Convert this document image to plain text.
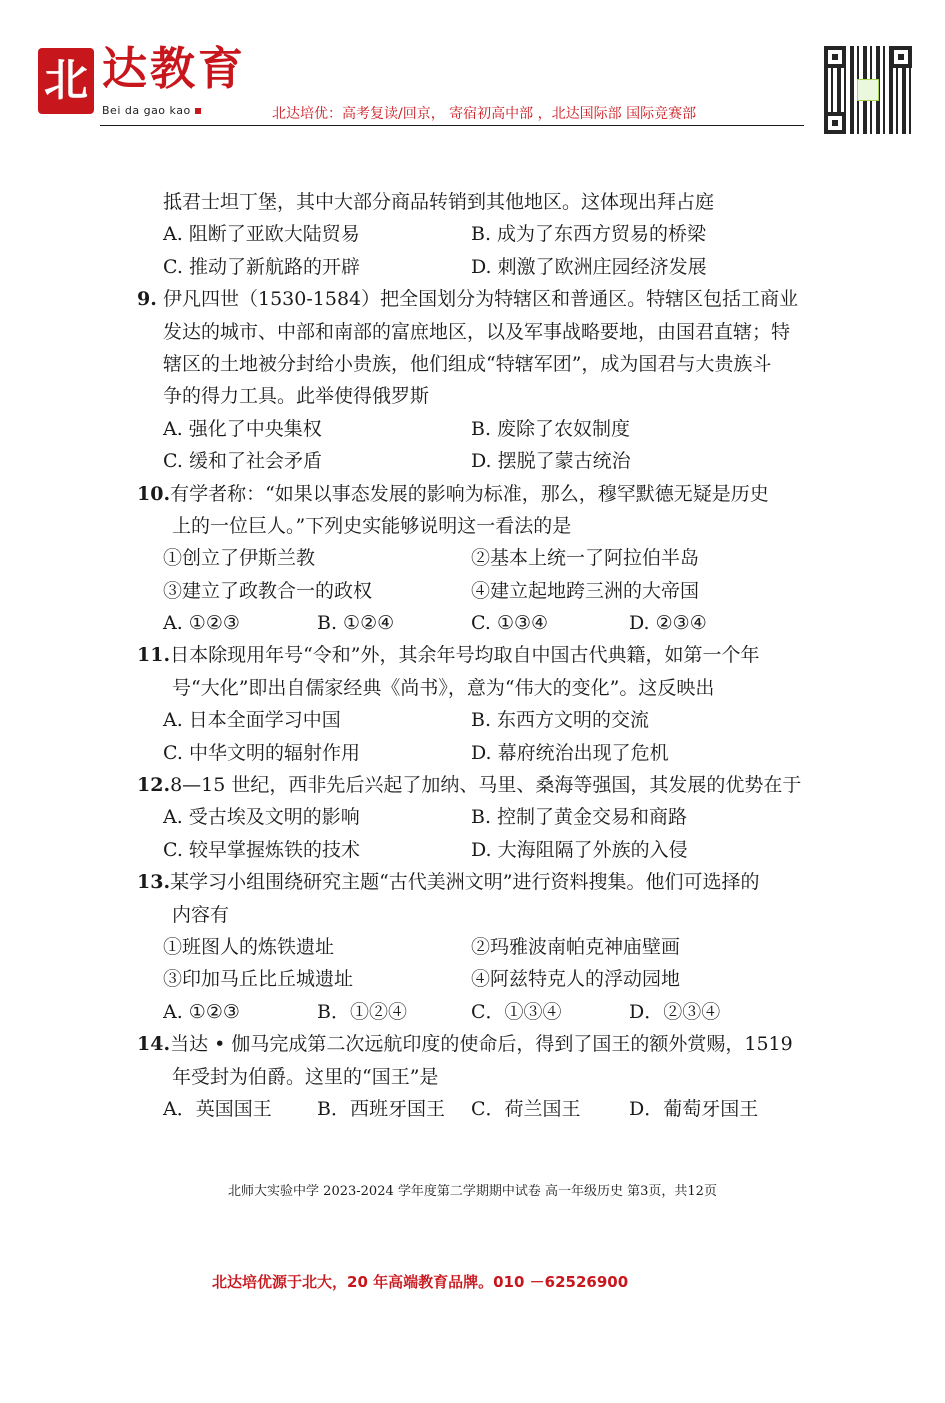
北 达教育
Bei da gao kao	北达培优：高考复读/回京， 寄宿初高中部 ，北达国际部 国际竞赛部
抵君士坦丁堡，其中大部分商品转销到其他地区。这体现出拜占庭
A. 阻断了亚欧大陆贸易	B. 成为了东西方贸易的桥梁
C. 推动了新航路的开辟	D. 刺激了欧洲庄园经济发展
9. 伊凡四世（1530-1584）把全国划分为特辖区和普通区。特辖区包括工商业
发达的城市、中部和南部的富庶地区，以及军事战略要地，由国君直辖；特
辖区的土地被分封给小贵族，他们组成“特辖军团”，成为国君与大贵族斗
争的得力工具。此举使得俄罗斯
A. 强化了中央集权	B. 废除了农奴制度
C. 缓和了社会矛盾	D. 摆脱了蒙古统治
10.有学者称：“如果以事态发展的影响为标准，那么，穆罕默德无疑是历史
上的一位巨人。”下列史实能够说明这一看法的是
①创立了伊斯兰教	②基本上统一了阿拉伯半岛
③建立了政教合一的政权	④建立起地跨三洲的大帝国
A. ①②③	B. ①②④	C. ①③④	D. ②③④
11.日本除现用年号“令和”外，其余年号均取自中国古代典籍，如第一个年
号“大化”即出自儒家经典《尚书》，意为“伟大的变化”。这反映出
A. 日本全面学习中国	B. 东西方文明的交流
C. 中华文明的辐射作用	D. 幕府统治出现了危机
12.8—15 世纪，西非先后兴起了加纳、马里、桑海等强国，其发展的优势在于
A. 受古埃及文明的影响	B. 控制了黄金交易和商路
C. 较早掌握炼铁的技术	D. 大海阻隔了外族的入侵
13.某学习小组围绕研究主题“古代美洲文明”进行资料搜集。他们可选择的
内容有
①班图人的炼铁遗址	②玛雅波南帕克神庙壁画
③印加马丘比丘城遗址	④阿兹特克人的浮动园地
A. ①②③	B．①②④	C．①③④	D．②③④
14.当达 • 伽马完成第二次远航印度的使命后，得到了国王的额外赏赐，1519
年受封为伯爵。这里的“国王”是
A．英国国王 B．西班牙国王 C．荷兰国王	D．葡萄牙国王
北师大实验中学 2023-2024 学年度第二学期期中试卷 高一年级历史 第3页，共12页
北达培优源于北大，20 年高端教育品牌。010 －62526900
